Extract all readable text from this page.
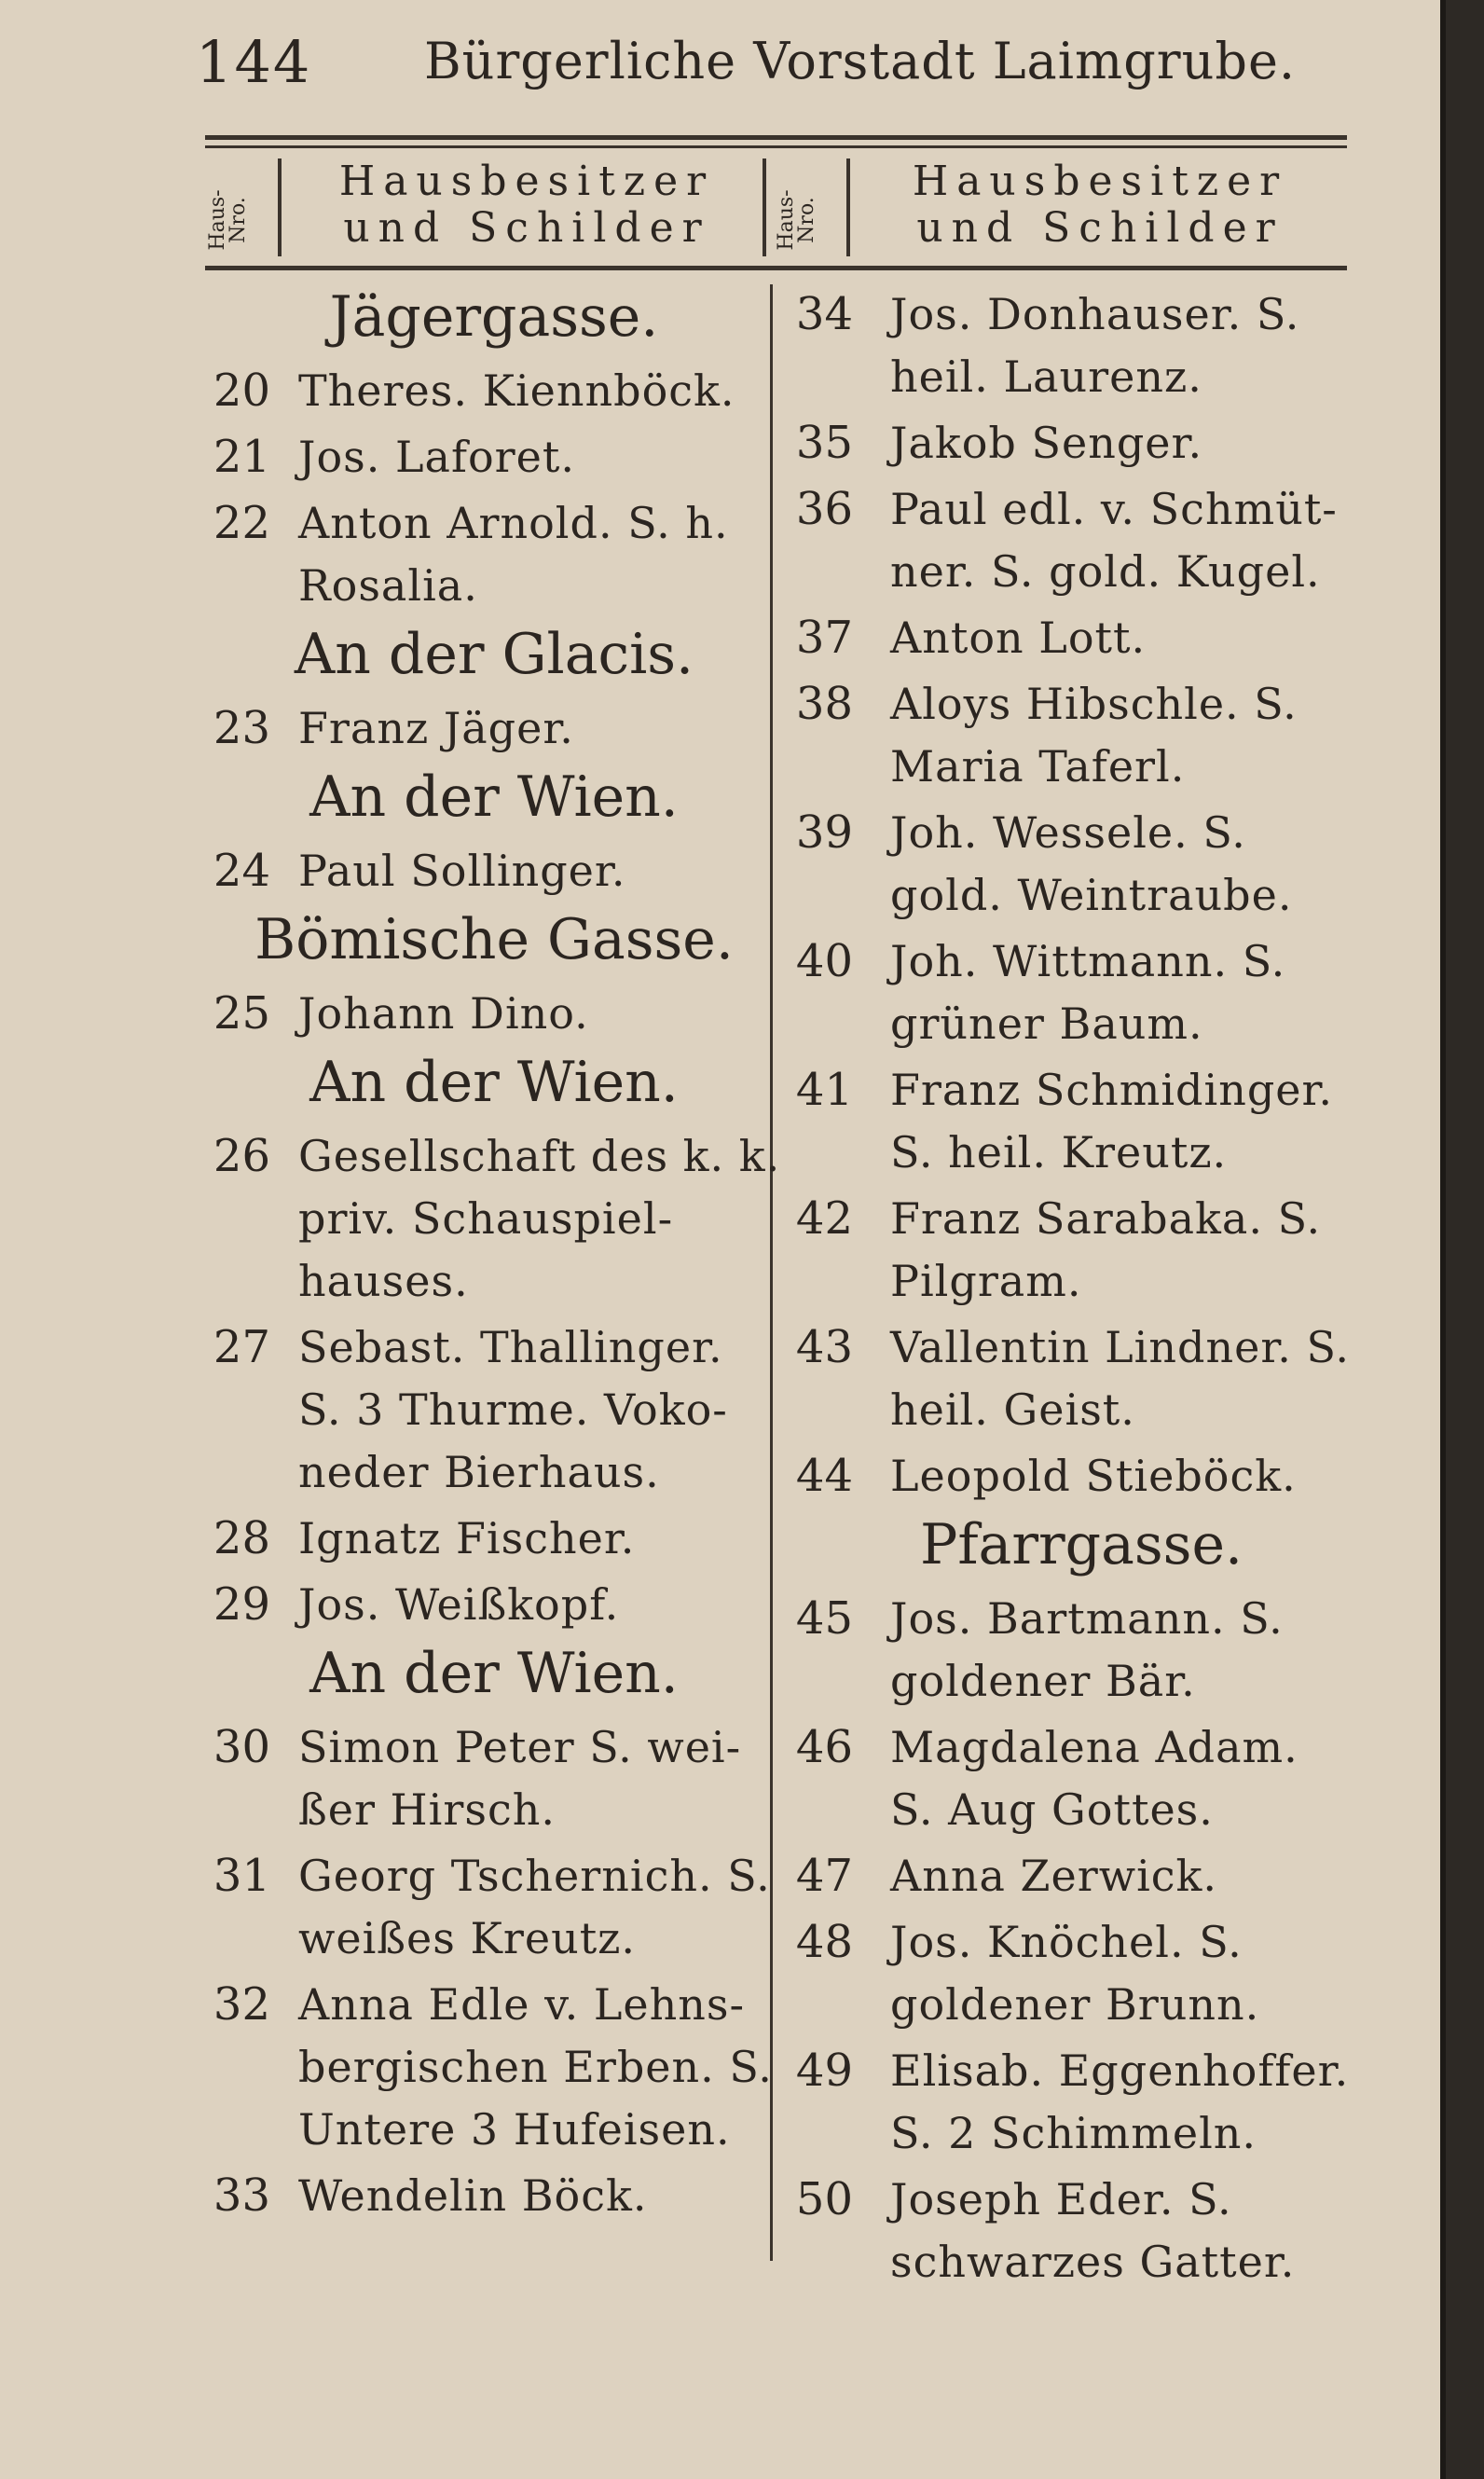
144 Bürgerliche Vorstadt Laimgrube.
Haus-Nro.
Hausbesitzer
und Schilder	Haus-Nro.
Hausbesitzer
und Schilder
Jägergasse.
20 Theres. Kiennböck.
21 Jos. Laforet.
22 Anton Arnold. S. h.
Rosalia.
An der Glacis.
23 Franz Jäger.
An der Wien.
24 Paul Sollinger.
Bömische Gasse.
25 Johann Dino.
An der Wien.
26 Gesellschaft des k. k.
priv. Schauspiel-
hauses.
27 Sebast. Thallinger.
S. 3 Thurme. Voko-
neder Bierhaus.
28 Ignatz Fischer.
29 Jos. Weißkopf.
An der Wien.
30 Simon Peter S. wei-
ßer Hirsch.
31 Georg Tschernich. S.
weißes Kreutz.
32 Anna Edle v. Lehns-
bergischen Erben. S.
Untere 3 Hufeisen.
33 Wendelin Böck.
34 Jos. Donhauser. S.
heil. Laurenz.
35 Jakob Senger.
36 Paul edl. v. Schmüt-
ner. S. gold. Kugel.
37 Anton Lott.
38 Aloys Hibschle. S.
Maria Taferl.
39 Joh. Wessele. S.
gold. Weintraube.
40 Joh. Wittmann. S.
grüner Baum.
41 Franz Schmidinger.
S. heil. Kreutz.
42 Franz Sarabaka. S.
Pilgram.
43 Vallentin Lindner. S.
heil. Geist.
44 Leopold Stieböck.
Pfarrgasse.
45 Jos. Bartmann. S.
goldener Bär.
46 Magdalena Adam.
S. Aug Gottes.
47 Anna Zerwick.
48 Jos. Knöchel. S.
goldener Brunn.
49 Elisab. Eggenhoffer.
S. 2 Schimmeln.
50 Joseph Eder. S.
schwarzes Gatter.
